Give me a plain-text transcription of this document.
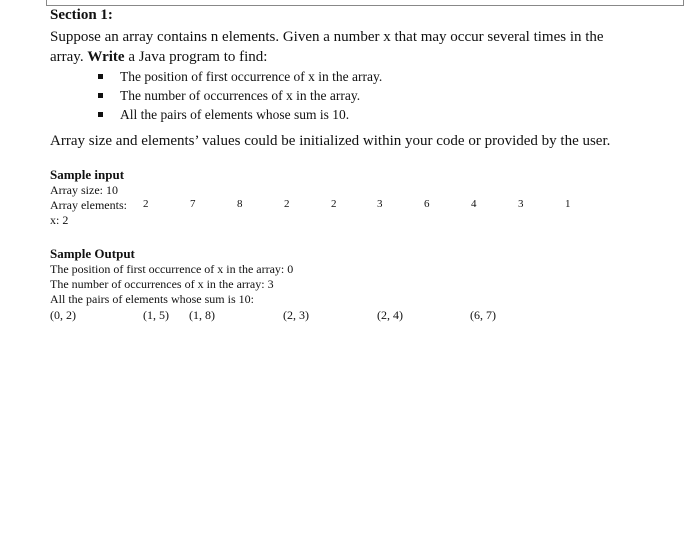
Section 1:
Suppose an array contains n elements. Given a number x that may occur several times in the array. Write a Java program to find:
The position of first occurrence of x in the array.
The number of occurrences of x in the array.
All the pairs of elements whose sum is 10.
Array size and elements’ values could be initialized within your code or provided by the user.
Sample input
Array size: 10
Array elements: 2	7	8	2	2	3	6	4	3	1
x: 2
Sample Output
The position of first occurrence of x in the array: 0
The number of occurrences of x in the array: 3
All the pairs of elements whose sum is 10:
(0, 2)	(1, 5) (1, 8)	(2, 3)	(2, 4)	(6, 7)
